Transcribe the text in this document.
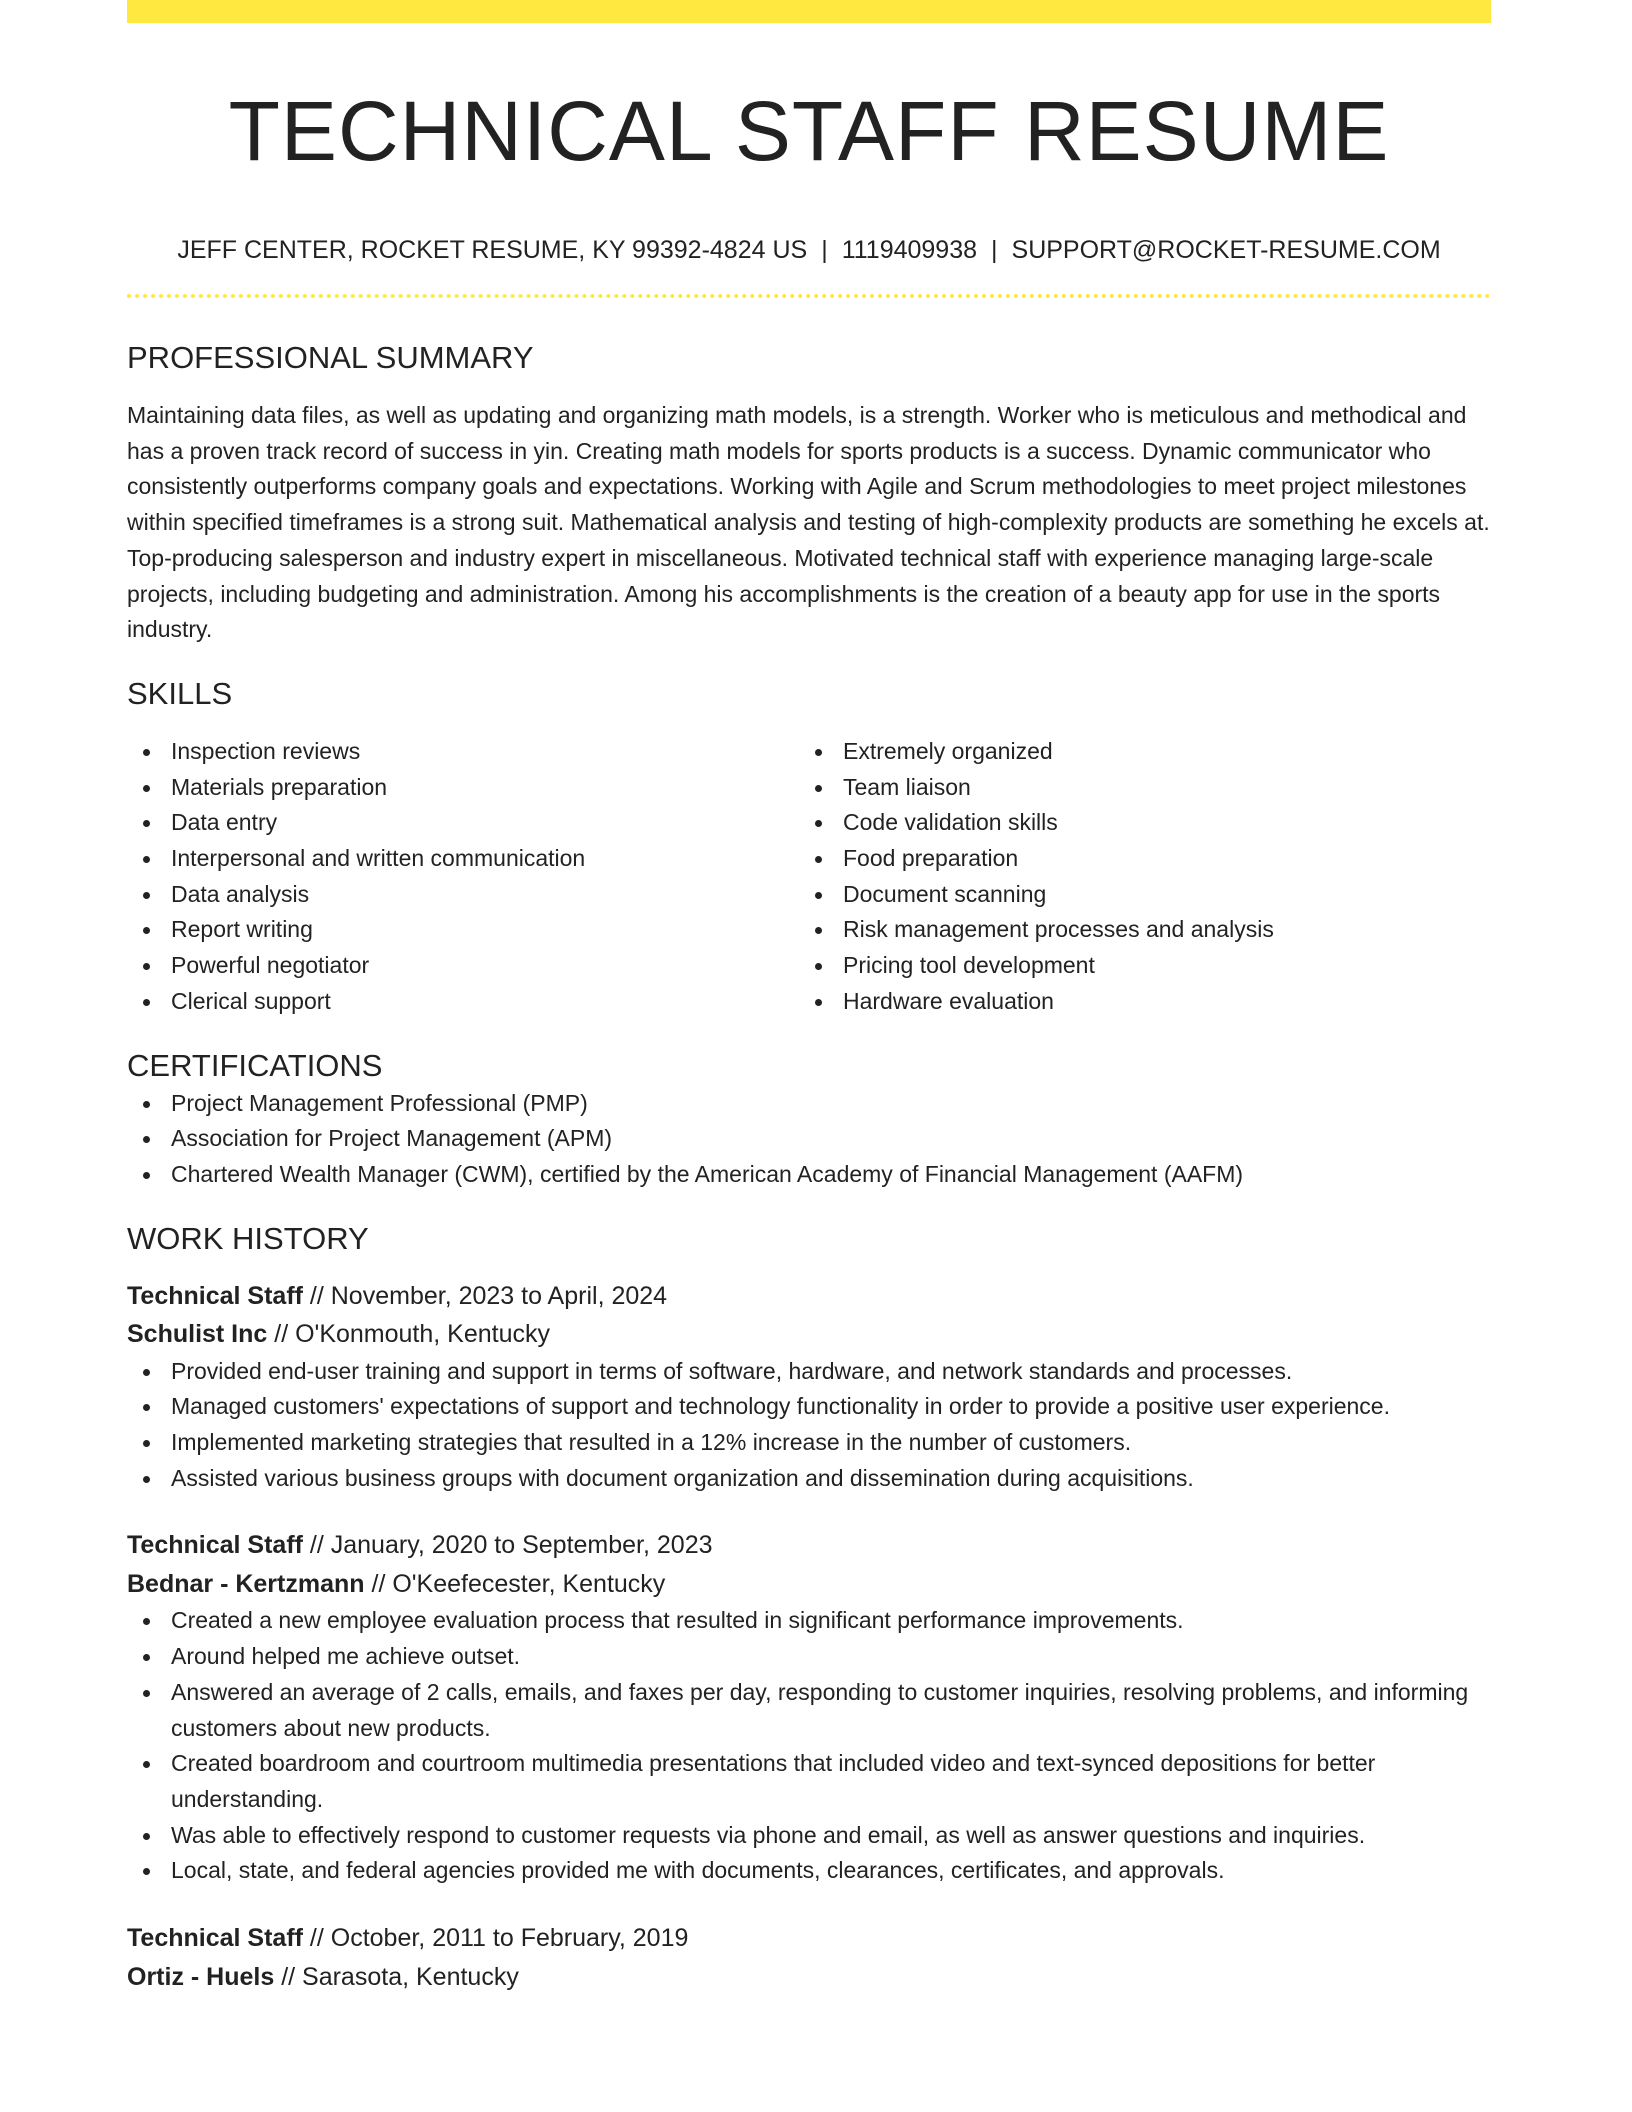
TECHNICAL STAFF RESUME
JEFF CENTER, ROCKET RESUME, KY 99392-4824 US | 1119409938 | SUPPORT@ROCKET-RESUME.COM
PROFESSIONAL SUMMARY
Maintaining data files, as well as updating and organizing math models, is a strength. Worker who is meticulous and methodical and has a proven track record of success in yin. Creating math models for sports products is a success. Dynamic communicator who consistently outperforms company goals and expectations. Working with Agile and Scrum methodologies to meet project milestones within specified timeframes is a strong suit. Mathematical analysis and testing of high-complexity products are something he excels at. Top-producing salesperson and industry expert in miscellaneous. Motivated technical staff with experience managing large-scale projects, including budgeting and administration. Among his accomplishments is the creation of a beauty app for use in the sports industry.
SKILLS
Inspection reviews
Materials preparation
Data entry
Interpersonal and written communication
Data analysis
Report writing
Powerful negotiator
Clerical support
Extremely organized
Team liaison
Code validation skills
Food preparation
Document scanning
Risk management processes and analysis
Pricing tool development
Hardware evaluation
CERTIFICATIONS
Project Management Professional (PMP)
Association for Project Management (APM)
Chartered Wealth Manager (CWM), certified by the American Academy of Financial Management (AAFM)
WORK HISTORY
Technical Staff // November, 2023 to April, 2024
Schulist Inc // O'Konmouth, Kentucky
Provided end-user training and support in terms of software, hardware, and network standards and processes.
Managed customers' expectations of support and technology functionality in order to provide a positive user experience.
Implemented marketing strategies that resulted in a 12% increase in the number of customers.
Assisted various business groups with document organization and dissemination during acquisitions.
Technical Staff // January, 2020 to September, 2023
Bednar - Kertzmann // O'Keefecester, Kentucky
Created a new employee evaluation process that resulted in significant performance improvements.
Around helped me achieve outset.
Answered an average of 2 calls, emails, and faxes per day, responding to customer inquiries, resolving problems, and informing customers about new products.
Created boardroom and courtroom multimedia presentations that included video and text-synced depositions for better understanding.
Was able to effectively respond to customer requests via phone and email, as well as answer questions and inquiries.
Local, state, and federal agencies provided me with documents, clearances, certificates, and approvals.
Technical Staff // October, 2011 to February, 2019
Ortiz - Huels // Sarasota, Kentucky
